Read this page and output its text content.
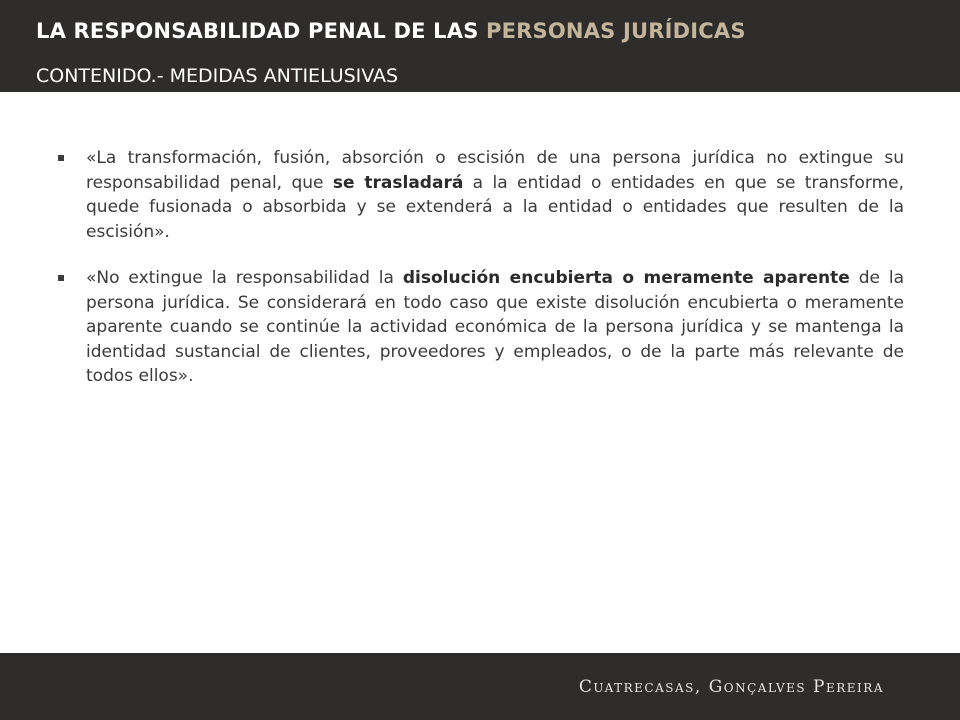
LA RESPONSABILIDAD PENAL DE LAS PERSONAS JURÍDICAS
CONTENIDO.- MEDIDAS ANTIELUSIVAS
«La transformación, fusión, absorción o escisión de una persona jurídica no extingue su responsabilidad penal, que se trasladará a la entidad o entidades en que se transforme, quede fusionada o absorbida y se extenderá a la entidad o entidades que resulten de la escisión».
«No extingue la responsabilidad la disolución encubierta o meramente aparente de la persona jurídica. Se considerará en todo caso que existe disolución encubierta o meramente aparente cuando se continúe la actividad económica de la persona jurídica y se mantenga la identidad sustancial de clientes, proveedores y empleados, o de la parte más relevante de todos ellos».
Cuatrecasas, Gonçalves Pereira
